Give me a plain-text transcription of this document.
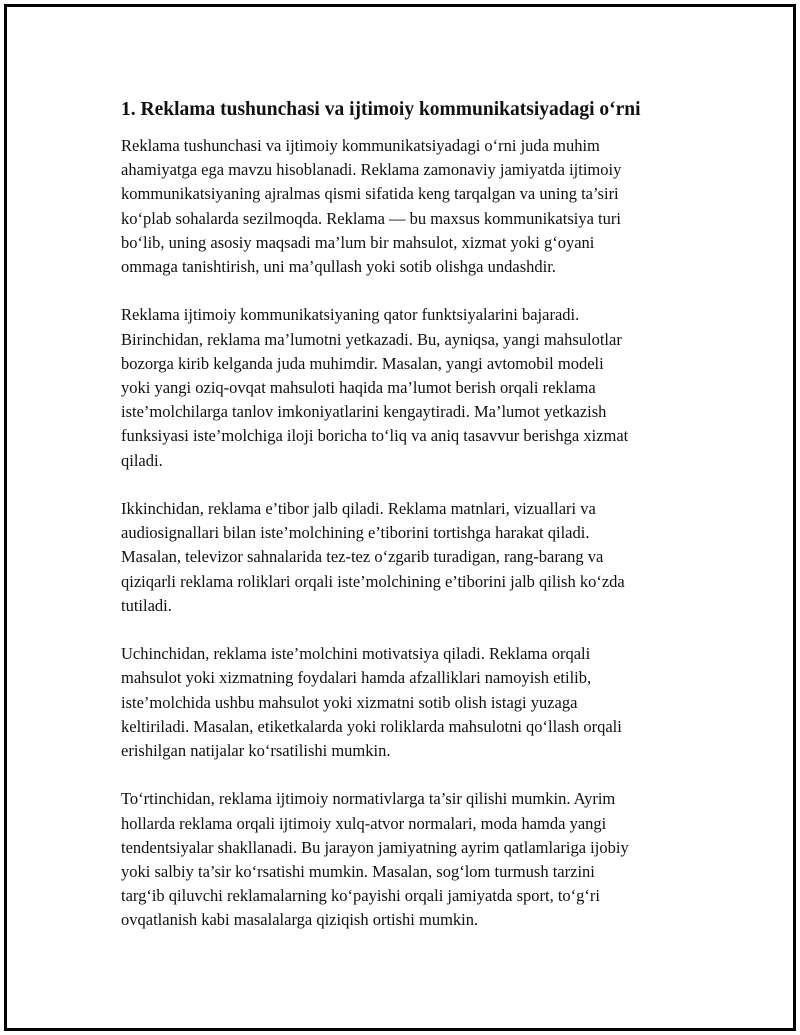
1. Reklama tushunchasi va ijtimoiy kommunikatsiyadagi o‘rni

Reklama tushunchasi va ijtimoiy kommunikatsiyadagi o‘rni juda muhim
ahamiyatga ega mavzu hisoblanadi. Reklama zamonaviy jamiyatda ijtimoiy
kommunikatsiyaning ajralmas qismi sifatida keng tarqalgan va uning ta’siri
ko‘plab sohalarda sezilmoqda. Reklama — bu maxsus kommunikatsiya turi
bo‘lib, uning asosiy maqsadi ma’lum bir mahsulot, xizmat yoki g‘oyani
ommaga tanishtirish, uni ma’qullash yoki sotib olishga undashdir.

Reklama ijtimoiy kommunikatsiyaning qator funktsiyalarini bajaradi.
Birinchidan, reklama ma’lumotni yetkazadi. Bu, ayniqsa, yangi mahsulotlar
bozorga kirib kelganda juda muhimdir. Masalan, yangi avtomobil modeli
yoki yangi oziq-ovqat mahsuloti haqida ma’lumot berish orqali reklama
iste’molchilarga tanlov imkoniyatlarini kengaytiradi. Ma’lumot yetkazish
funksiyasi iste’molchiga iloji boricha to‘liq va aniq tasavvur berishga xizmat
qiladi.

Ikkinchidan, reklama e’tibor jalb qiladi. Reklama matnlari, vizuallari va
audiosignallari bilan iste’molchining e’tiborini tortishga harakat qiladi.
Masalan, televizor sahnalarida tez-tez o‘zgarib turadigan, rang-barang va
qiziqarli reklama roliklari orqali iste’molchining e’tiborini jalb qilish ko‘zda
tutiladi.

Uchinchidan, reklama iste’molchini motivatsiya qiladi. Reklama orqali
mahsulot yoki xizmatning foydalari hamda afzalliklari namoyish etilib,
iste’molchida ushbu mahsulot yoki xizmatni sotib olish istagi yuzaga
keltiriladi. Masalan, etiketkalarda yoki roliklarda mahsulotni qo‘llash orqali
erishilgan natijalar ko‘rsatilishi mumkin.

To‘rtinchidan, reklama ijtimoiy normativlarga ta’sir qilishi mumkin. Ayrim
hollarda reklama orqali ijtimoiy xulq-atvor normalari, moda hamda yangi
tendentsiyalar shakllanadi. Bu jarayon jamiyatning ayrim qatlamlariga ijobiy
yoki salbiy ta’sir ko‘rsatishi mumkin. Masalan, sog‘lom turmush tarzini
targ‘ib qiluvchi reklamalarning ko‘payishi orqali jamiyatda sport, to‘g‘ri
ovqatlanish kabi masalalarga qiziqish ortishi mumkin.
